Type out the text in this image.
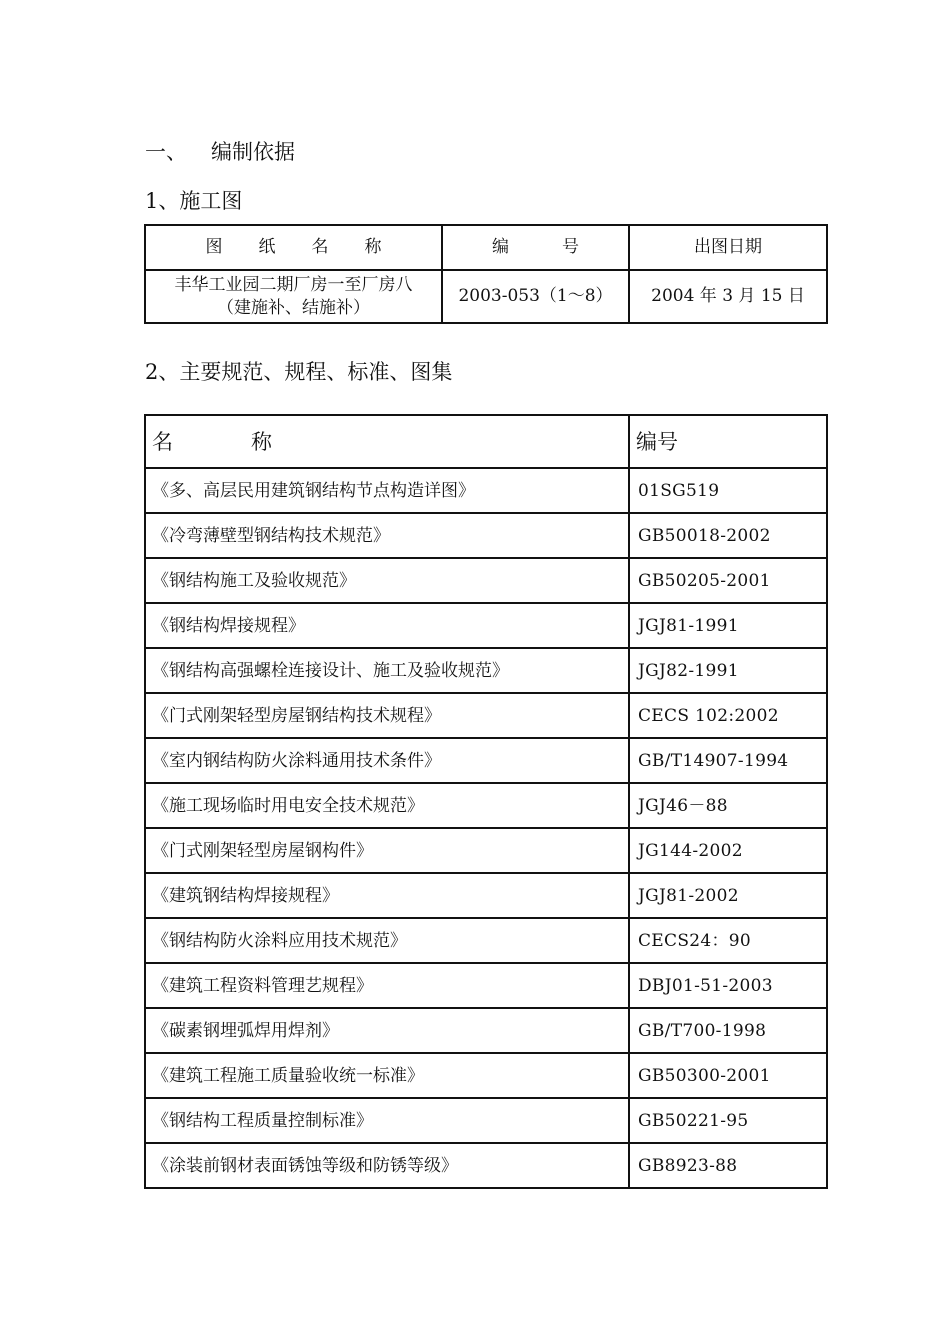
一、 编制依据
1、施工图
图 纸 名 称	编 号	出图日期

丰华工业园二期厂房一至厂房八
（建施补、结施补）	2003-053（1～8）	2004 年 3 月 15 日
2、主要规范、规程、标准、图集
名 称	编号
《多、高层民用建筑钢结构节点构造详图》	01SG519
《冷弯薄壁型钢结构技术规范》	GB50018-2002
《钢结构施工及验收规范》	GB50205-2001
《钢结构焊接规程》	JGJ81-1991
《钢结构高强螺栓连接设计、施工及验收规范》	JGJ82-1991
《门式刚架轻型房屋钢结构技术规程》	CECS 102:2002
《室内钢结构防火涂料通用技术条件》	GB/T14907-1994
《施工现场临时用电安全技术规范》	JGJ46－88
《门式刚架轻型房屋钢构件》	JG144-2002
《建筑钢结构焊接规程》	JGJ81-2002
《钢结构防火涂料应用技术规范》	CECS24：90
《建筑工程资料管理艺规程》	DBJ01-51-2003
《碳素钢埋弧焊用焊剂》	GB/T700-1998
《建筑工程施工质量验收统一标准》	GB50300-2001
《钢结构工程质量控制标准》	GB50221-95
《涂装前钢材表面锈蚀等级和防锈等级》	GB8923-88
